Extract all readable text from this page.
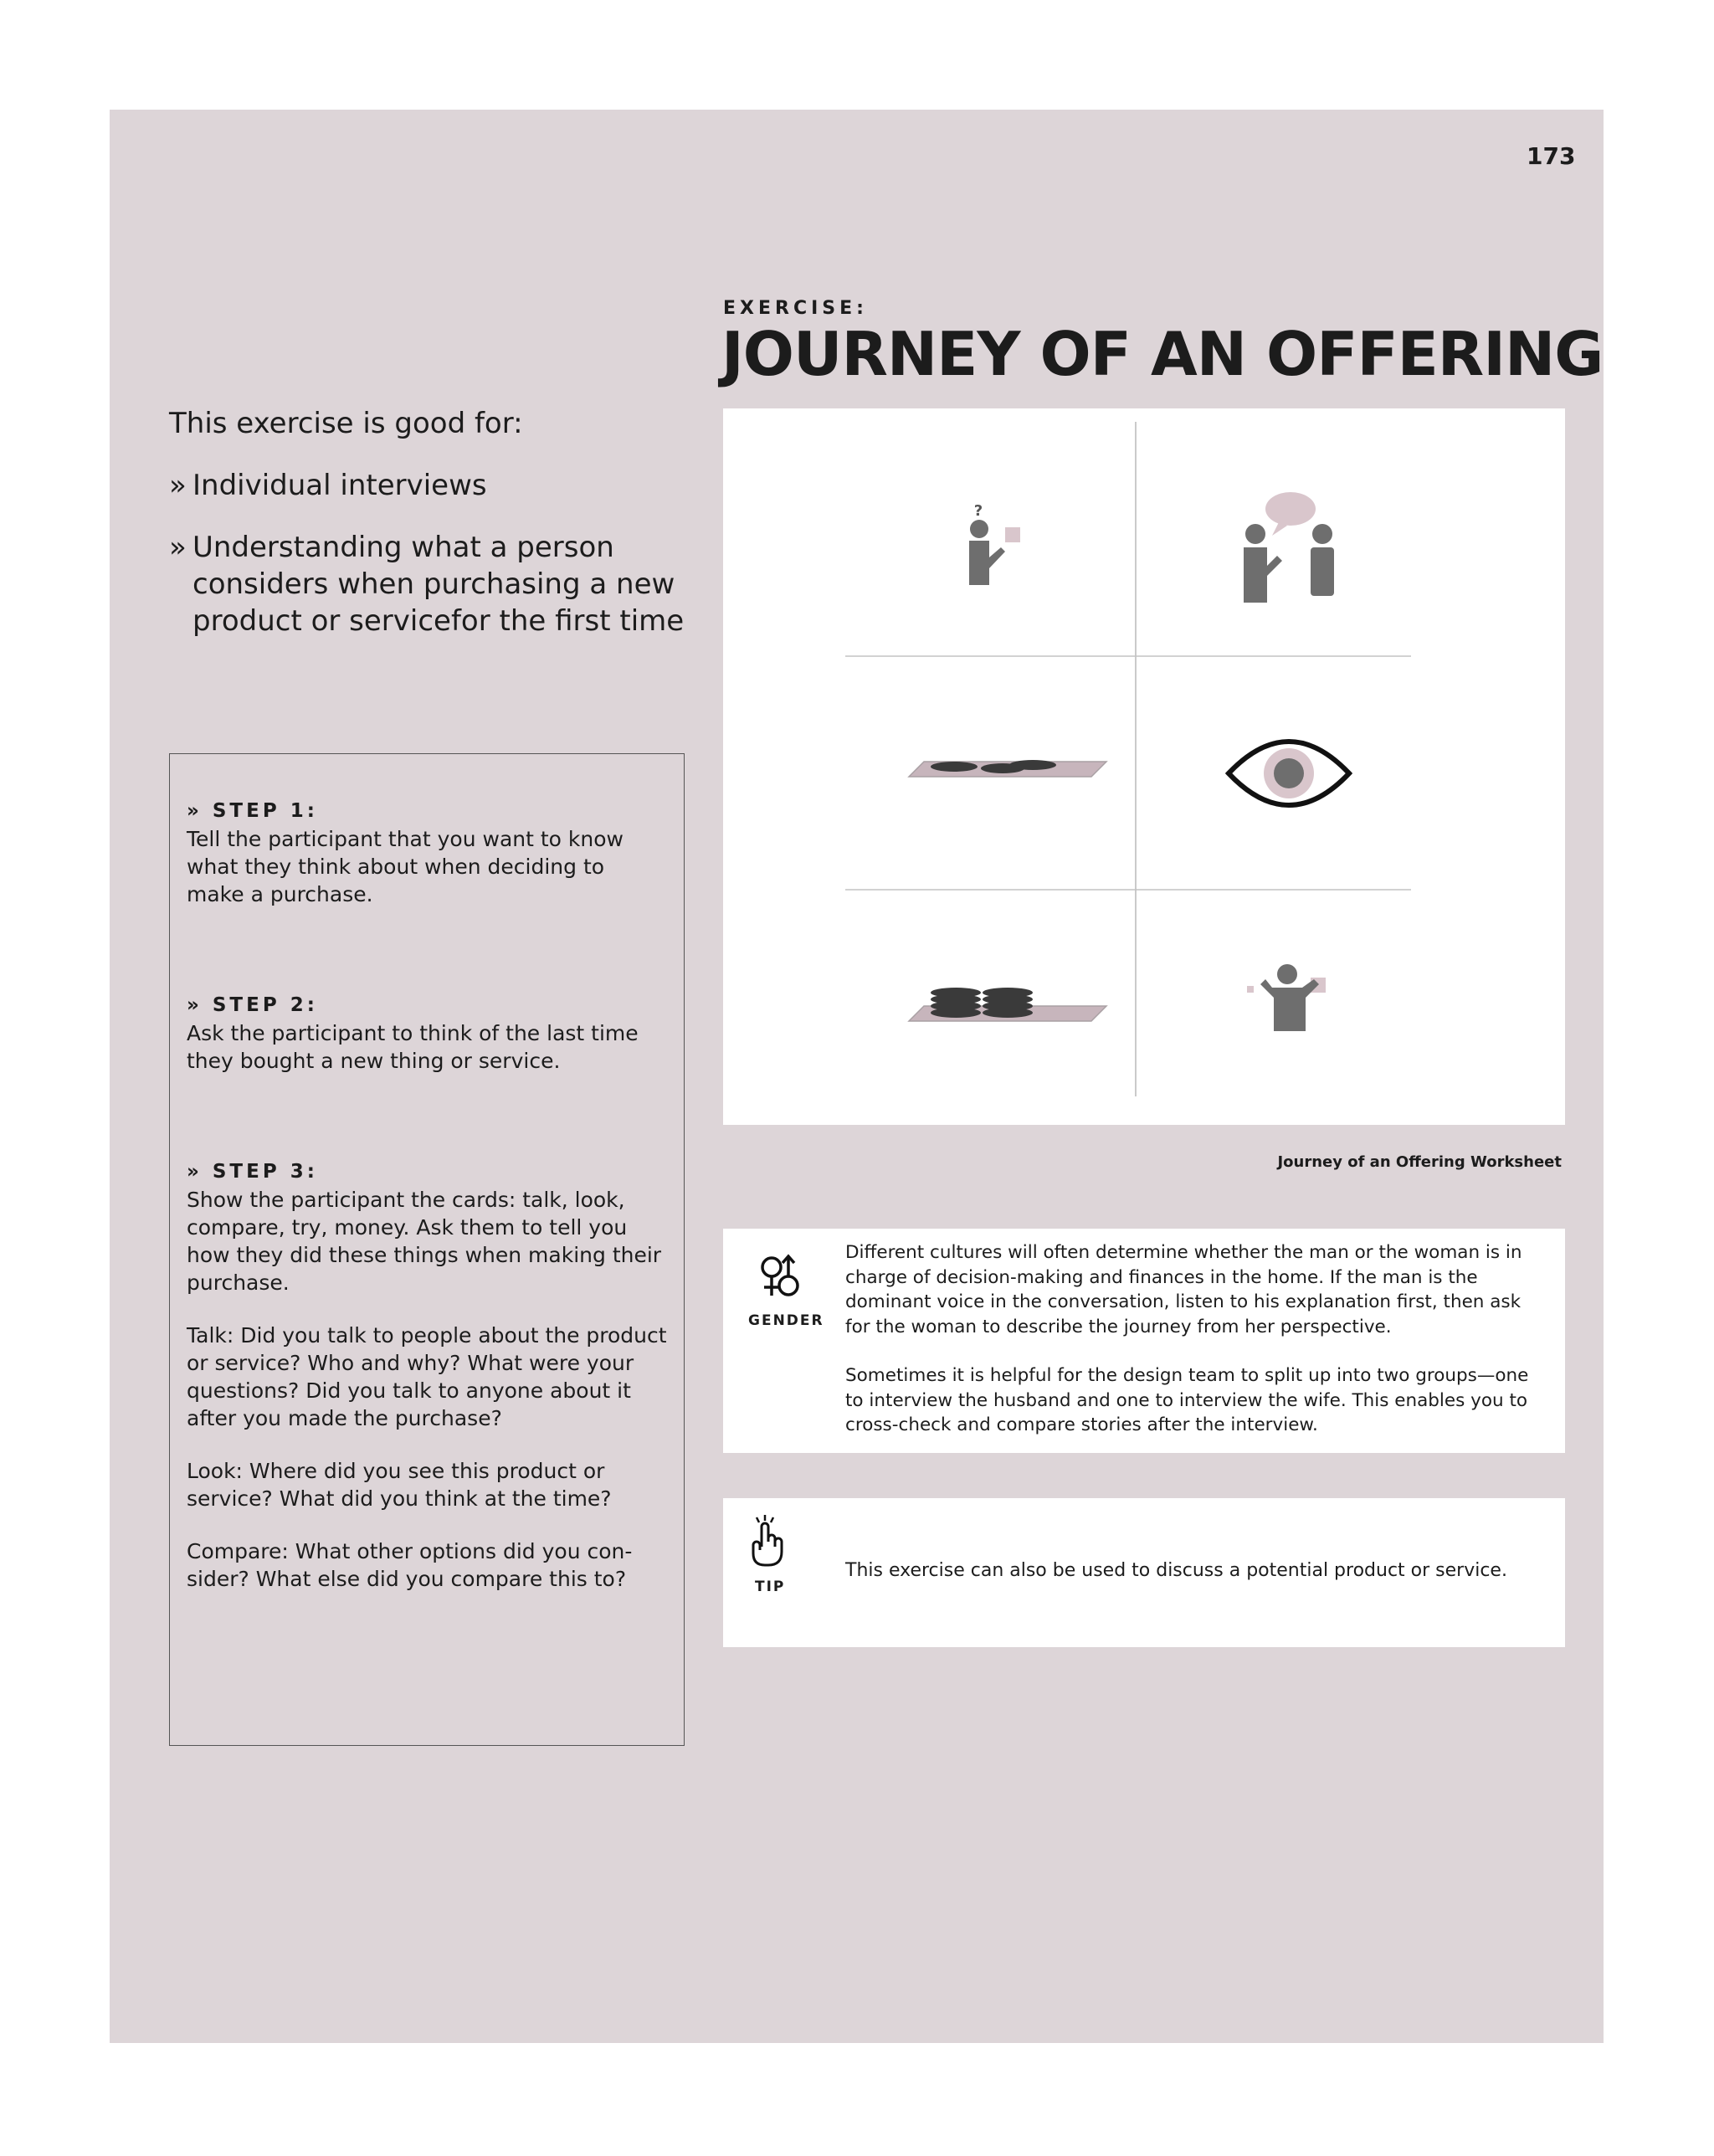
173
EXERCISE:
JOURNEY OF AN OFFERING
This exercise is good for:
» Individual interviews
» Understanding what a person considers when purchasing a new product or servicefor the first time
» STEP 1:
Tell the participant that you want to know what they think about when deciding to make a purchase.
» STEP 2:
Ask the participant to think of the last time they bought a new thing or service.
» STEP 3:

Show the participant the cards: talk, look, compare, try, money. Ask them to tell you how they did these things when making their purchase.

Talk: Did you talk to people about the product or service? Who and why? What were your questions? Did you talk to anyone about it after you made the purchase?

Look: Where did you see this product or service? What did you think at the time?

Compare: What other options did you con-sider? What else did you compare this to?

?
Journey of an Offering Worksheet
GENDER

Different cultures will often determine whether the man or the woman is in charge of decision-making and finances in the home. If the man is the dominant voice in the conversation, listen to his explanation first, then ask for the woman to describe the journey from her perspective.

Sometimes it is helpful for the design team to split up into two groups—one to interview the husband and one to interview the wife. This enables you to cross-check and compare stories after the interview.

TIP
This exercise can also be used to discuss a potential product or service.
